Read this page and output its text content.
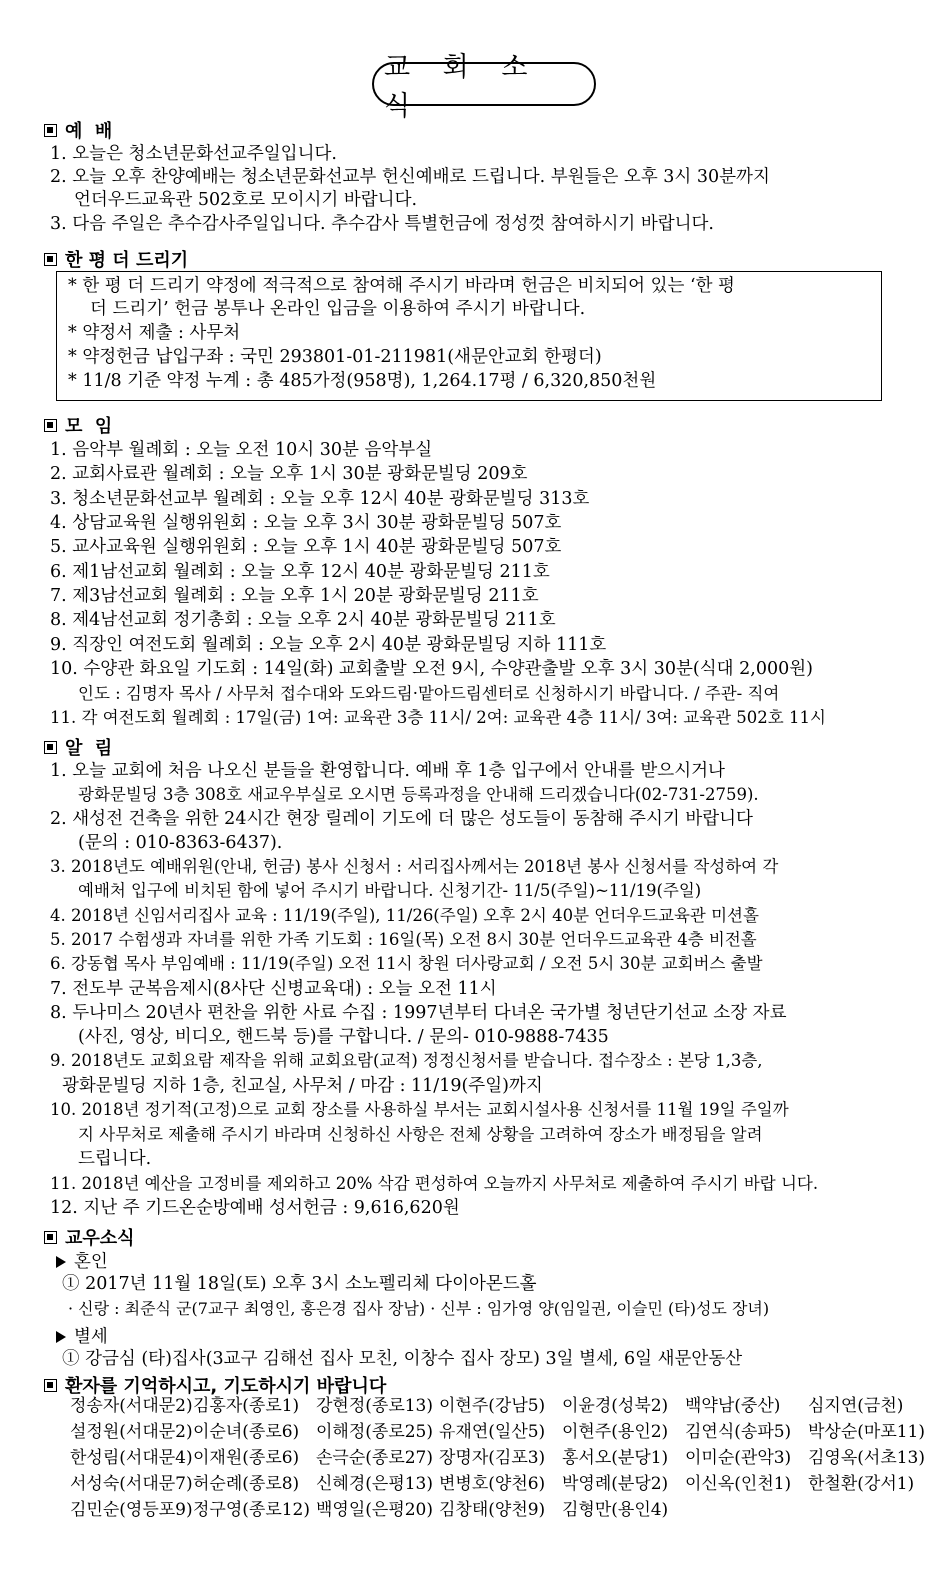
교 회 소 식
예  배
1. 오늘은 청소년문화선교주일입니다.
2. 오늘 오후 찬양예배는 청소년문화선교부 헌신예배로 드립니다. 부원들은 오후 3시 30분까지
언더우드교육관 502호로 모이시기 바랍니다.
3. 다음 주일은 추수감사주일입니다. 추수감사 특별헌금에 정성껏 참여하시기 바랍니다.
한 평 더 드리기
* 한 평 더 드리기 약정에 적극적으로 참여해 주시기 바라며 헌금은 비치되어 있는 ‘한 평
더 드리기’ 헌금 봉투나 온라인 입금을 이용하여 주시기 바랍니다.
* 약정서 제출 : 사무처
* 약정헌금 납입구좌 : 국민 293801-01-211981(새문안교회 한평더)
* 11/8 기준 약정 누계 : 총 485가정(958명), 1,264.17평 / 6,320,850천원
모  임
1. 음악부 월례회 : 오늘 오전 10시 30분 음악부실
2. 교회사료관 월례회 : 오늘 오후 1시 30분 광화문빌딩 209호
3. 청소년문화선교부 월례회 : 오늘 오후 12시 40분 광화문빌딩 313호
4. 상담교육원 실행위원회 : 오늘 오후 3시 30분 광화문빌딩 507호
5. 교사교육원 실행위원회 : 오늘 오후 1시 40분 광화문빌딩 507호
6. 제1남선교회 월례회 : 오늘 오후 12시 40분 광화문빌딩 211호
7. 제3남선교회 월례회 : 오늘 오후 1시 20분 광화문빌딩 211호
8. 제4남선교회 정기총회 : 오늘 오후 2시 40분 광화문빌딩 211호
9. 직장인 여전도회 월례회 : 오늘 오후 2시 40분 광화문빌딩 지하 111호
10. 수양관 화요일 기도회 : 14일(화) 교회출발 오전 9시, 수양관출발 오후 3시 30분(식대 2,000원)
인도 : 김명자 목사 / 사무처 접수대와 도와드림·맡아드림센터로 신청하시기 바랍니다. / 주관- 직여
11. 각 여전도회 월례회 : 17일(금) 1여: 교육관 3층 11시/ 2여: 교육관 4층 11시/ 3여: 교육관 502호 11시
알  림
1. 오늘 교회에 처음 나오신 분들을 환영합니다. 예배 후 1층 입구에서 안내를 받으시거나
광화문빌딩 3층 308호 새교우부실로 오시면 등록과정을 안내해 드리겠습니다(02-731-2759).
2. 새성전 건축을 위한 24시간 현장 릴레이 기도에 더 많은 성도들이 동참해 주시기 바랍니다
(문의 : 010-8363-6437).
3. 2018년도 예배위원(안내, 헌금) 봉사 신청서 : 서리집사께서는 2018년 봉사 신청서를 작성하여 각
예배처 입구에 비치된 함에 넣어 주시기 바랍니다. 신청기간- 11/5(주일)~11/19(주일)
4. 2018년 신임서리집사 교육 : 11/19(주일), 11/26(주일) 오후 2시 40분 언더우드교육관 미션홀
5. 2017 수험생과 자녀를 위한 가족 기도회 : 16일(목) 오전 8시 30분 언더우드교육관 4층 비전홀
6. 강동협 목사 부임예배 : 11/19(주일) 오전 11시 창원 더사랑교회 / 오전 5시 30분 교회버스 출발
7. 전도부 군복음제시(8사단 신병교육대) : 오늘 오전 11시
8. 두나미스 20년사 편찬을 위한 사료 수집 : 1997년부터 다녀온 국가별 청년단기선교 소장 자료
(사진, 영상, 비디오, 핸드북 등)를 구합니다. / 문의- 010-9888-7435
9. 2018년도 교회요람 제작을 위해 교회요람(교적) 정정신청서를 받습니다. 접수장소 : 본당 1,3층,
광화문빌딩 지하 1층, 친교실, 사무처 / 마감 : 11/19(주일)까지
10. 2018년 정기적(고정)으로 교회 장소를 사용하실 부서는 교회시설사용 신청서를 11월 19일 주일까
지 사무처로 제출해 주시기 바라며 신청하신 사항은 전체 상황을 고려하여 장소가 배정됨을 알려
드립니다.
11. 2018년 예산을 고정비를 제외하고 20% 삭감 편성하여 오늘까지 사무처로 제출하여 주시기 바랍 니다.
12. 지난 주 기드온순방예배 성서헌금 : 9,616,620원
교우소식
혼인
① 2017년 11월 18일(토) 오후 3시 소노펠리체 다이아몬드홀
· 신랑 : 최준식 군(7교구 최영인, 홍은경 집사 장남) · 신부 : 임가영 양(임일권, 이슬민 (타)성도 장녀)
별세
① 강금심 (타)집사(3교구 김해선 집사 모친, 이창수 집사 장모) 3일 별세, 6일 새문안동산
환자를 기억하시고, 기도하시기 바랍니다
정송자(서대문2) 김홍자(종로1) 강현정(종로13) 이현주(강남5) 이윤경(성북2) 백약남(중산)	심지연(금천)
설정원(서대문2) 이순녀(종로6) 이해정(종로25) 유재연(일산5) 이현주(용인2) 김연식(송파5) 박상순(마포11)
한성림(서대문4) 이재원(종로6) 손극순(종로27) 장명자(김포3) 홍서오(분당1) 이미순(관악3) 김영옥(서초13)
서성숙(서대문7) 허순례(종로8) 신혜경(은평13) 변병호(양천6) 박영례(분당2) 이신옥(인천1) 한철환(강서1)
김민순(영등포9) 정구영(종로12) 백영일(은평20) 김창태(양천9) 김형만(용인4)
